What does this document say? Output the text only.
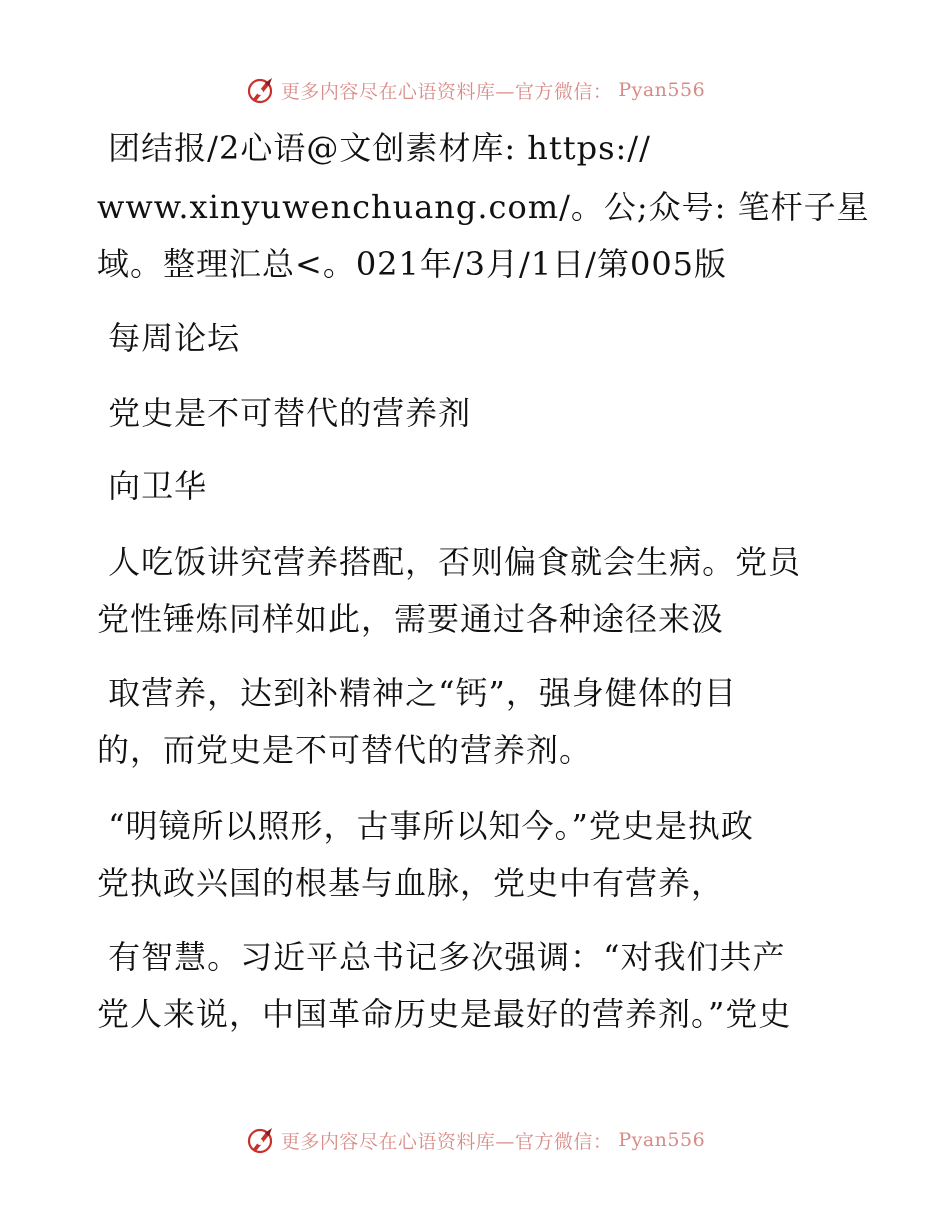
更多内容尽在心语资料库—官方微信： Pyan556
团结报/2心语@文创素材库: https://
www.xinyuwenchuang.com/。公;众号: 笔杆子星
域。整理汇总<。021年/3月/1日/第005版
每周论坛
党史是不可替代的营养剂
向卫华
人吃饭讲究营养搭配，否则偏食就会生病。党员
党性锤炼同样如此，需要通过各种途径来汲
取营养，达到补精神之“钙”，强身健体的目
的，而党史是不可替代的营养剂。
“明镜所以照形，古事所以知今。”党史是执政
党执政兴国的根基与血脉，党史中有营养，
有智慧。习近平总书记多次强调：“对我们共产
党人来说，中国革命历史是最好的营养剂。”党史
更多内容尽在心语资料库—官方微信： Pyan556
